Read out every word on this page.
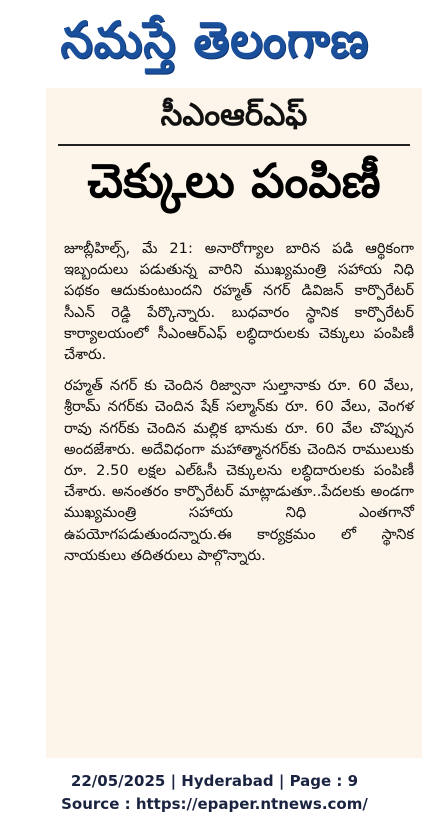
నమస్తే తెలంగాణ
సీఎంఆర్ఎఫ్
చెక్కులు పంపిణీ

జూబ్లీహిల్స్, మే 21: అనారోగ్యాల బారిన పడి ఆర్థికంగా ఇబ్బందులు పడుతున్న వారిని ముఖ్యమంత్రి సహాయ నిధి పథకం ఆదుకుంటుందని రహ్మత్ నగర్ డివిజన్ కార్పొరేటర్ సీఎన్ రెడ్డి పేర్కొన్నారు. బుధవారం స్థానిక కార్పొరేటర్ కార్యాలయంలో సీఎంఆర్ఎఫ్ లబ్ధిదారులకు చెక్కులు పంపిణీ చేశారు.

రహ్మత్ నగర్ కు చెందిన రిజ్వానా సుల్తానాకు రూ. 60 వేలు, శ్రీరామ్ నగర్‌కు చెందిన షేక్ సల్మాన్‌కు రూ. 60 వేలు, వెంగళ రావు నగర్‌కు చెందిన మల్లిక భానుకు రూ. 60 వేల చొప్పున అందజేశారు. అదేవిధంగా మహాత్మానగర్‌కు చెందిన రాములుకు రూ. 2.50 లక్షల ఎల్‌ఓసీ చెక్కులను లబ్ధిదారులకు పంపిణీ చేశారు. అనంతరం కార్పొరేటర్ మాట్లాడుతూ..పేదలకు అండగా ముఖ్యమంత్రి సహాయ నిధి ఎంతగానో ఉపయోగపడుతుందన్నారు.ఈ కార్యక్రమం లో స్థానిక నాయకులు తదితరులు పాల్గొన్నారు.

22/05/2025 | Hyderabad | Page : 9
Source : https://epaper.ntnews.com/
